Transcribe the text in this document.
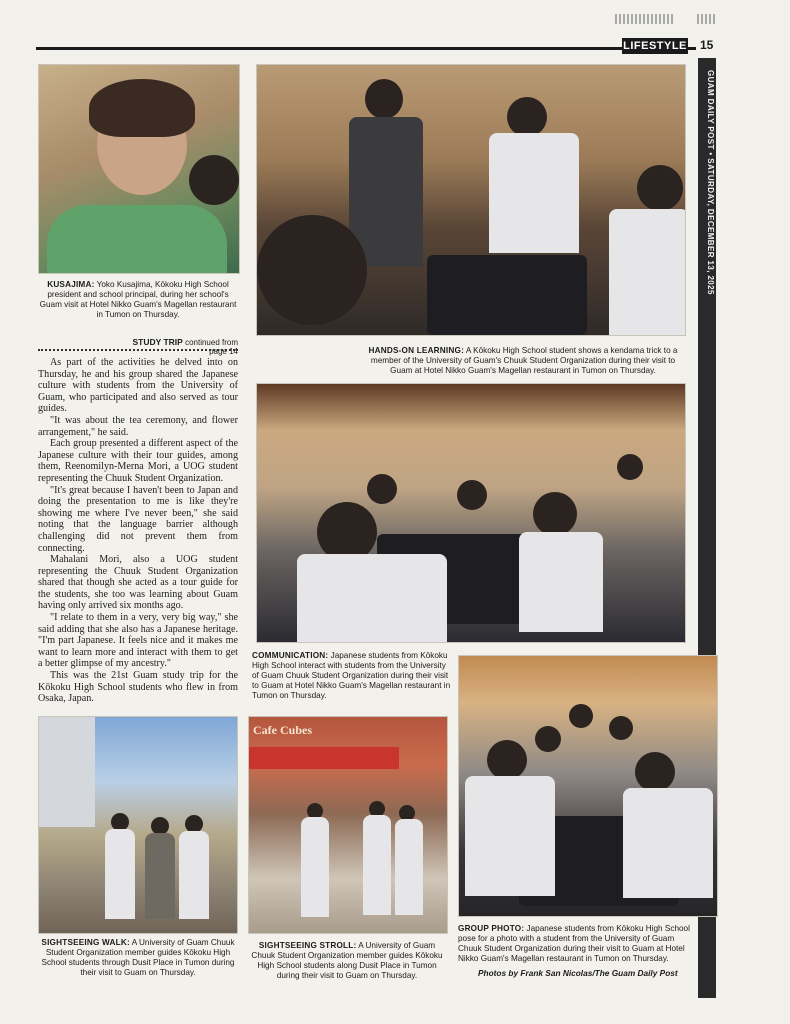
LIFESTYLE 15
GUAM DAILY POST • SATURDAY, DECEMBER 13, 2025
KUSAJIMA: Yoko Kusajima, Kōkoku High School president and school principal, during her school's Guam visit at Hotel Nikko Guam's Magellan restaurant in Tumon on Thursday.
HANDS-ON LEARNING: A Kōkoku High School student shows a kendama trick to a member of the University of Guam's Chuuk Student Organization during their visit to Guam at Hotel Nikko Guam's Magellan restaurant in Tumon on Thursday.
STUDY TRIP continued from page 14

As part of the activities he delved into on Thursday, he and his group shared the Japanese culture with students from the University of Guam, who participated and also served as tour guides.

"It was about the tea ceremony, and flower arrangement," he said.

Each group presented a different aspect of the Japanese culture with their tour guides, among them, Reenomilyn-Merna Mori, a UOG student representing the Chuuk Student Organization.

"It's great because I haven't been to Japan and doing the presentation to me is like they're showing me where I've never been," she said noting that the language barrier although challenging did not prevent them from connecting.

Mahalani Mori, also a UOG student representing the Chuuk Student Organization shared that though she acted as a tour guide for the students, she too was learning about Guam having only arrived six months ago.

"I relate to them in a very, very big way," she said adding that she also has a Japanese heritage. "I'm part Japanese. It feels nice and it makes me want to learn more and interact with them to get a better glimpse of my ancestry."

This was the 21st Guam study trip for the Kōkoku High School students who flew in from Osaka, Japan.

COMMUNICATION: Japanese students from Kōkoku High School interact with students from the University of Guam Chuuk Student Organization during their visit to Guam at Hotel Nikko Guam's Magellan restaurant in Tumon on Thursday.
SIGHTSEEING WALK: A University of Guam Chuuk Student Organization member guides Kōkoku High School students through Dusit Place in Tumon during their visit to Guam on Thursday.
Cafe Cubes
SIGHTSEEING STROLL: A University of Guam Chuuk Student Organization member guides Kōkoku High School students along Dusit Place in Tumon during their visit to Guam on Thursday.
GROUP PHOTO: Japanese students from Kōkoku High School pose for a photo with a student from the University of Guam Chuuk Student Organization during their visit to Guam at Hotel Nikko Guam's Magellan restaurant in Tumon on Thursday.
Photos by Frank San Nicolas/The Guam Daily Post
